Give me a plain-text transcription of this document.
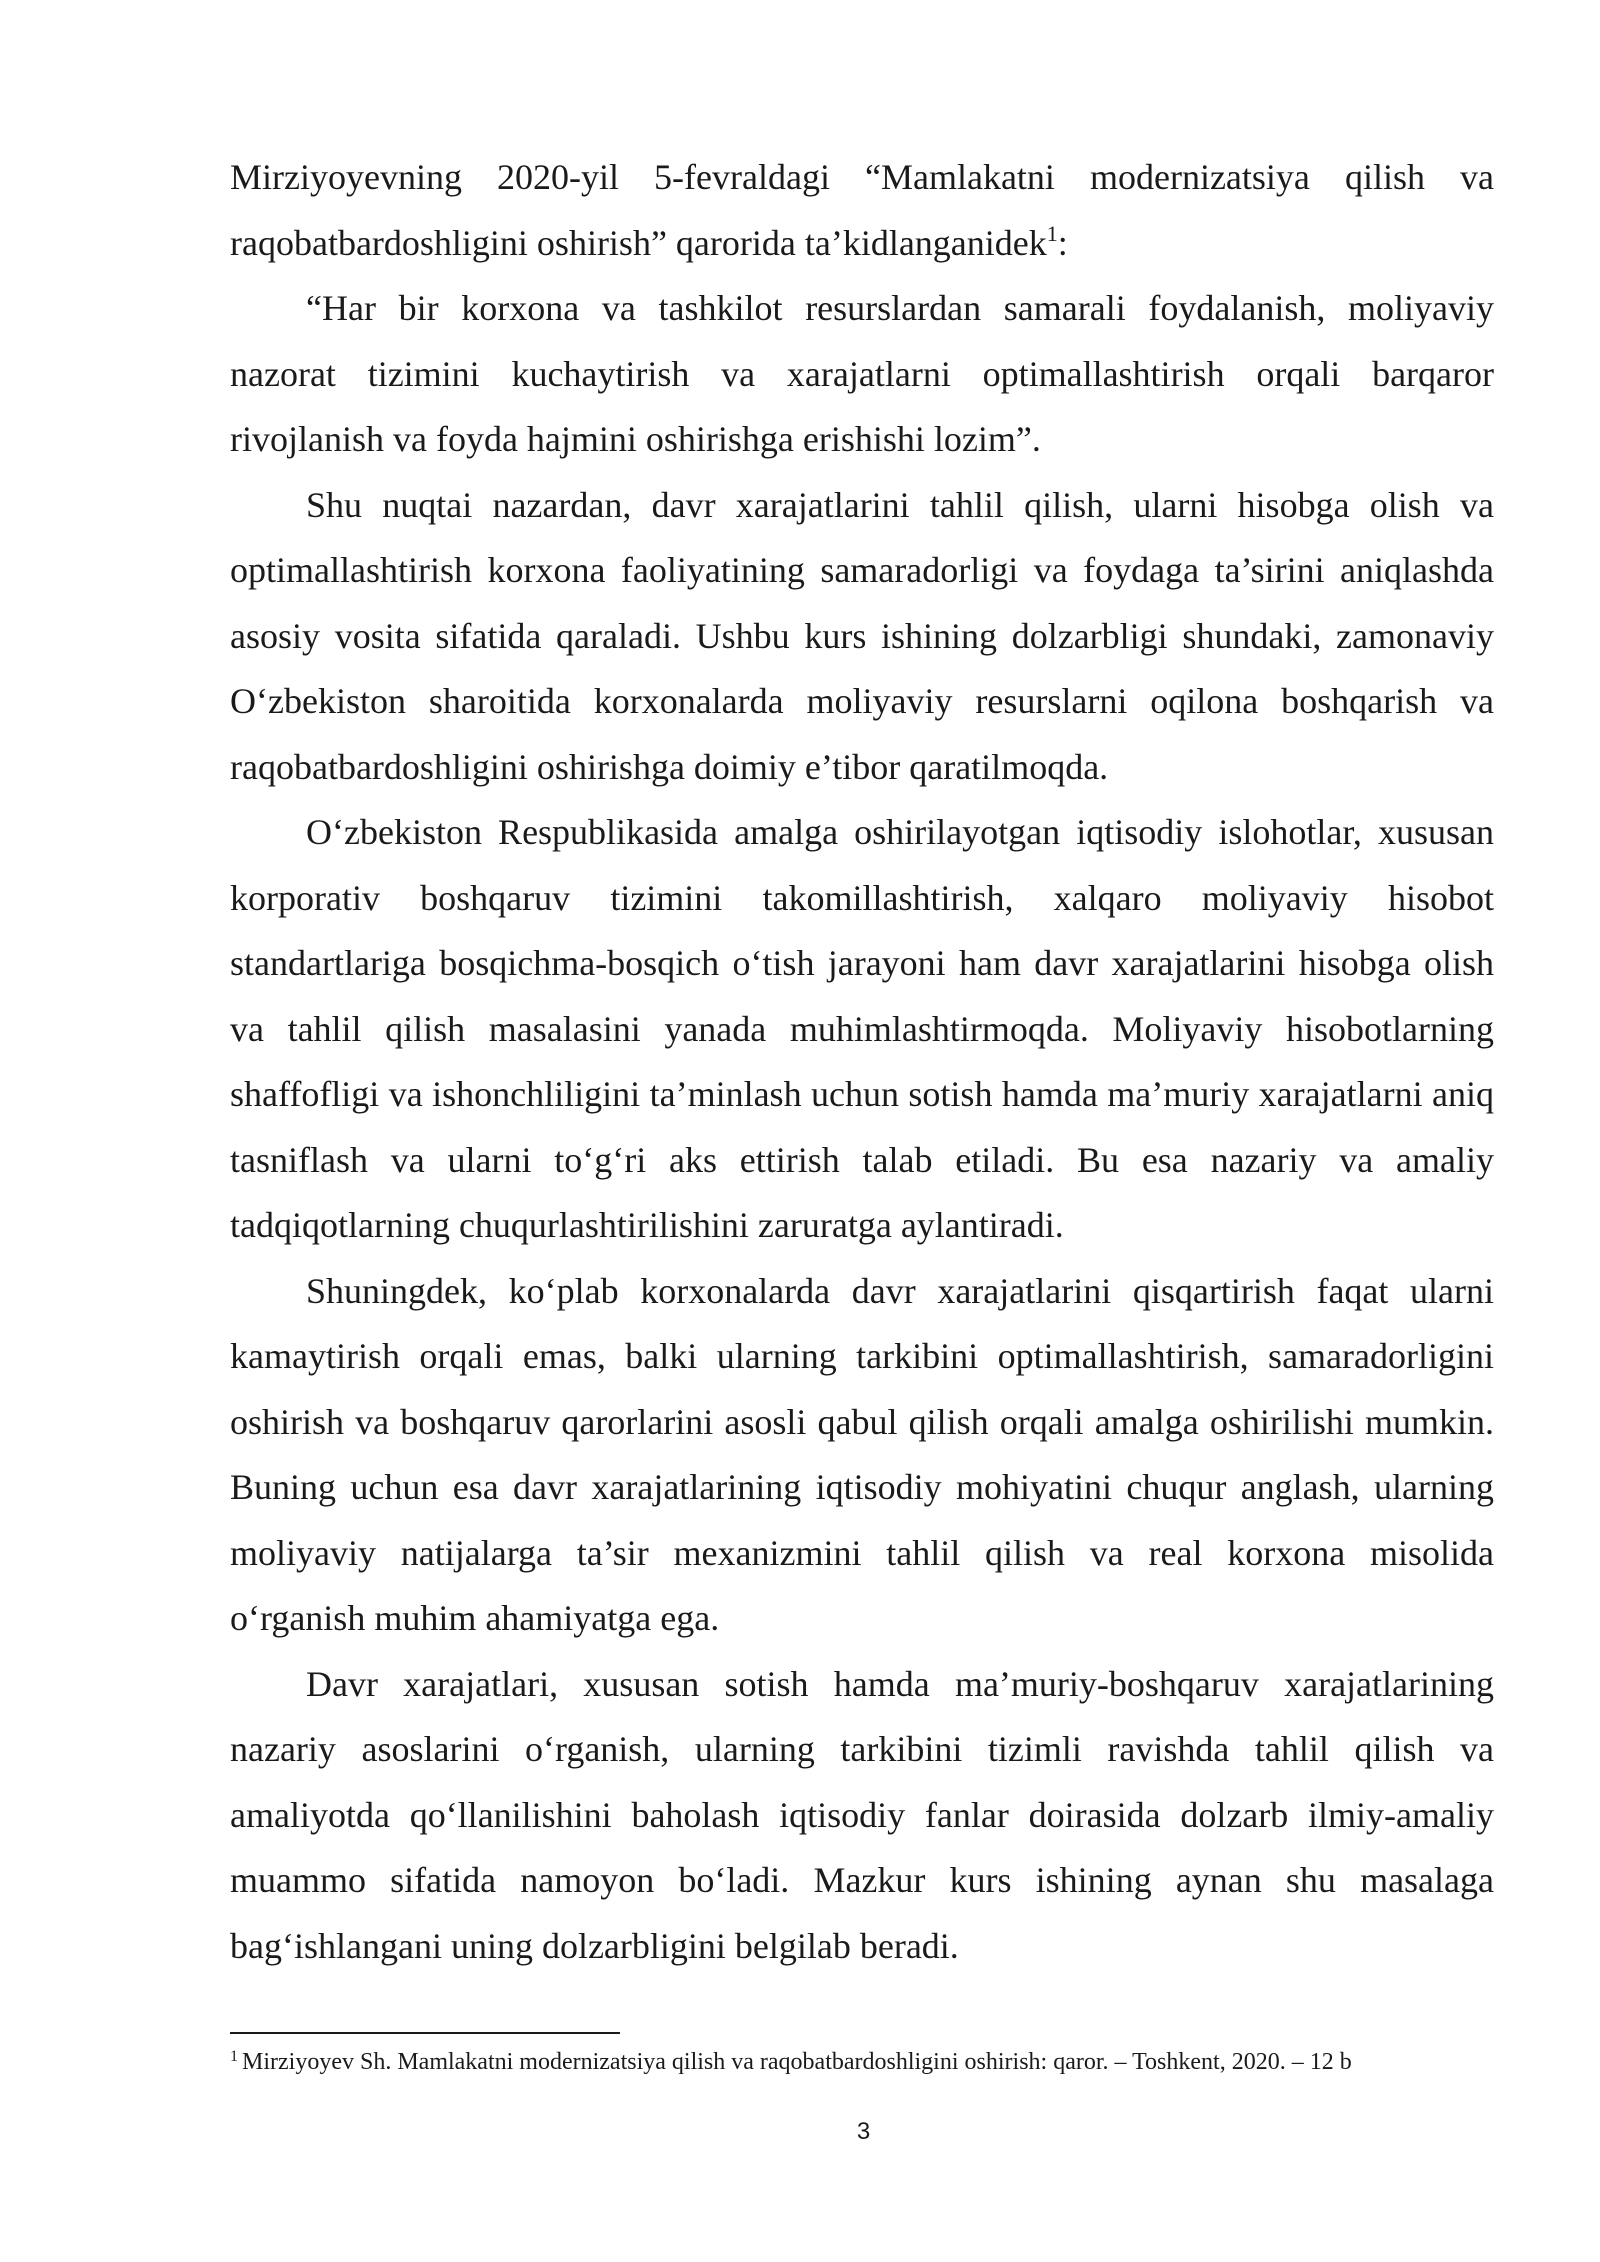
Mirziyoyevning 2020-yil 5-fevraldagi “Mamlakatni modernizatsiya qilish va raqobatbardoshligini oshirish” qarorida ta’kidlanganidek$^1$:

“Har bir korxona va tashkilot resurslardan samarali foydalanish, moliyaviy nazorat tizimini kuchaytirish va xarajatlarni optimallashtirish orqali barqaror rivojlanish va foyda hajmini oshirishga erishishi lozim”.

Shu nuqtai nazardan, davr xarajatlarini tahlil qilish, ularni hisobga olish va optimallashtirish korxona faoliyatining samaradorligi va foydaga ta’sirini aniqlashda asosiy vosita sifatida qaraladi. Ushbu kurs ishining dolzarbligi shundaki, zamonaviy O‘zbekiston sharoitida korxonalarda moliyaviy resurslarni oqilona boshqarish va raqobatbardoshligini oshirishga doimiy e’tibor qaratilmoqda.

O‘zbekiston Respublikasida amalga oshirilayotgan iqtisodiy islohotlar, xususan korporativ boshqaruv tizimini takomillashtirish, xalqaro moliyaviy hisobot standartlariga bosqichma-bosqich o‘tish jarayoni ham davr xarajatlarini hisobga olish va tahlil qilish masalasini yanada muhimlashtirmoqda. Moliyaviy hisobotlarning shaffofligi va ishonchliligini ta’minlash uchun sotish hamda ma’muriy xarajatlarni aniq tasniflash va ularni to‘g‘ri aks ettirish talab etiladi. Bu esa nazariy va amaliy tadqiqotlarning chuqurlashtirilishini zaruratga aylantiradi.

Shuningdek, ko‘plab korxonalarda davr xarajatlarini qisqartirish faqat ularni kamaytirish orqali emas, balki ularning tarkibini optimallashtirish, samaradorligini oshirish va boshqaruv qarorlarini asosli qabul qilish orqali amalga oshirilishi mumkin. Buning uchun esa davr xarajatlarining iqtisodiy mohiyatini chuqur anglash, ularning moliyaviy natijalarga ta’sir mexanizmini tahlil qilish va real korxona misolida o‘rganish muhim ahamiyatga ega.

Davr xarajatlari, xususan sotish hamda ma’muriy-boshqaruv xarajatlarining nazariy asoslarini o‘rganish, ularning tarkibini tizimli ravishda tahlil qilish va amaliyotda qo‘llanilishini baholash iqtisodiy fanlar doirasida dolzarb ilmiy-amaliy muammo sifatida namoyon bo‘ladi. Mazkur kurs ishining aynan shu masalaga bag‘ishlangani uning dolzarbligini belgilab beradi.

$^1$ Mirziyoyev Sh. Mamlakatni modernizatsiya qilish va raqobatbardoshligini oshirish: qaror. – Toshkent, 2020. – 12 b
3
